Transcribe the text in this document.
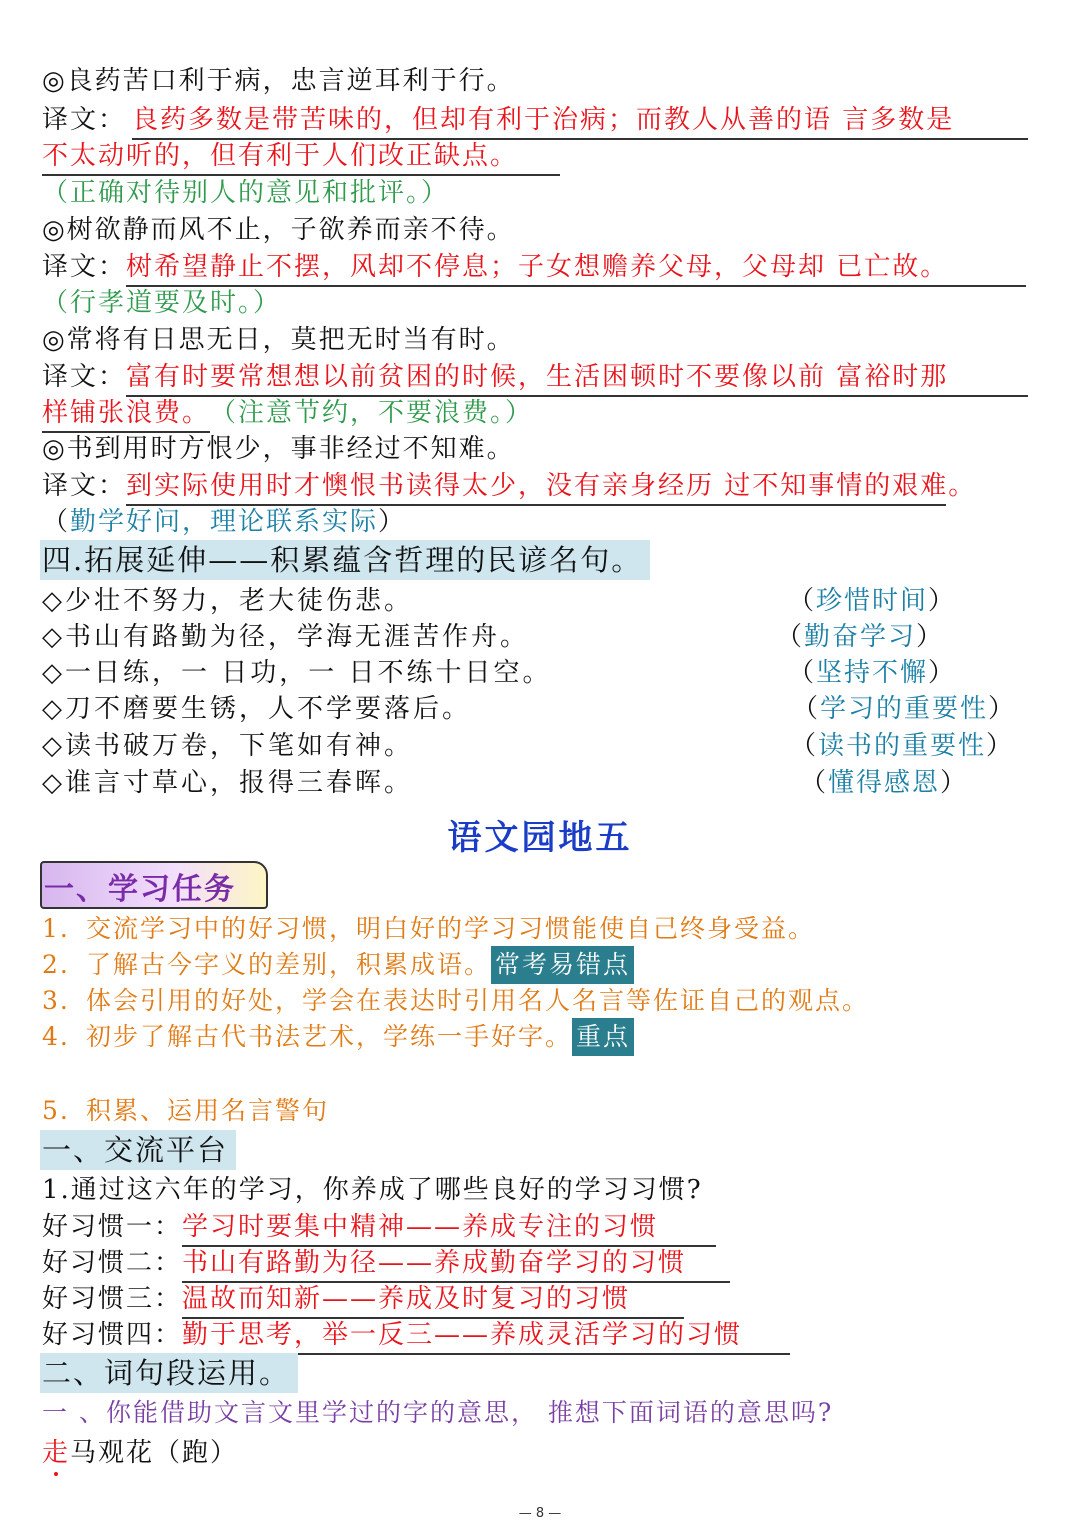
◎良药苦口利于病，忠言逆耳利于行。
译文： 良药多数是带苦味的，但却有利于治病；而教人从善的语 言多数是
不太动听的，但有利于人们改正缺点。
（正确对待别人的意见和批评。）
◎树欲静而风不止，子欲养而亲不待。
译文：树希望静止不摆，风却不停息；子女想赡养父母，父母却 已亡故。
（行孝道要及时。）
◎常将有日思无日，莫把无时当有时。
译文：富有时要常想想以前贫困的时候，生活困顿时不要像以前 富裕时那
样铺张浪费。（注意节约，不要浪费。）
◎书到用时方恨少，事非经过不知难。
译文：到实际使用时才懊恨书读得太少，没有亲身经历 过不知事情的艰难。
（勤学好问，理论联系实际）
四.拓展延伸——积累蕴含哲理的民谚名句。
◇少壮不努力，老大徒伤悲。	（珍惜时间）
◇书山有路勤为径，学海无涯苦作舟。	（勤奋学习）
◇一日练，一 日功，一 日不练十日空。	（坚持不懈）
◇刀不磨要生锈，人不学要落后。	（学习的重要性）
◇读书破万卷，下笔如有神。	（读书的重要性）
◇谁言寸草心，报得三春晖。	（懂得感恩）
语文园地五
一、学习任务
1. 交流学习中的好习惯，明白好的学习习惯能使自己终身受益。
2. 了解古今字义的差别，积累成语。 常考易错点
3. 体会引用的好处，学会在表达时引用名人名言等佐证自己的观点。
4. 初步了解古代书法艺术，学练一手好字。 重点
5. 积累、运用名言警句
一、交流平台
1.通过这六年的学习，你养成了哪些良好的学习习惯?
好习惯一：学习时要集中精神——养成专注的习惯
好习惯二：书山有路勤为径——养成勤奋学习的习惯
好习惯三：温故而知新——养成及时复习的习惯
好习惯四：勤于思考，举一反三——养成灵活学习的习惯
二、词句段运用。
一 、你能借助文言文里学过的字的意思， 推想下面词语的意思吗?
走马观花（跑）
— 8 —
